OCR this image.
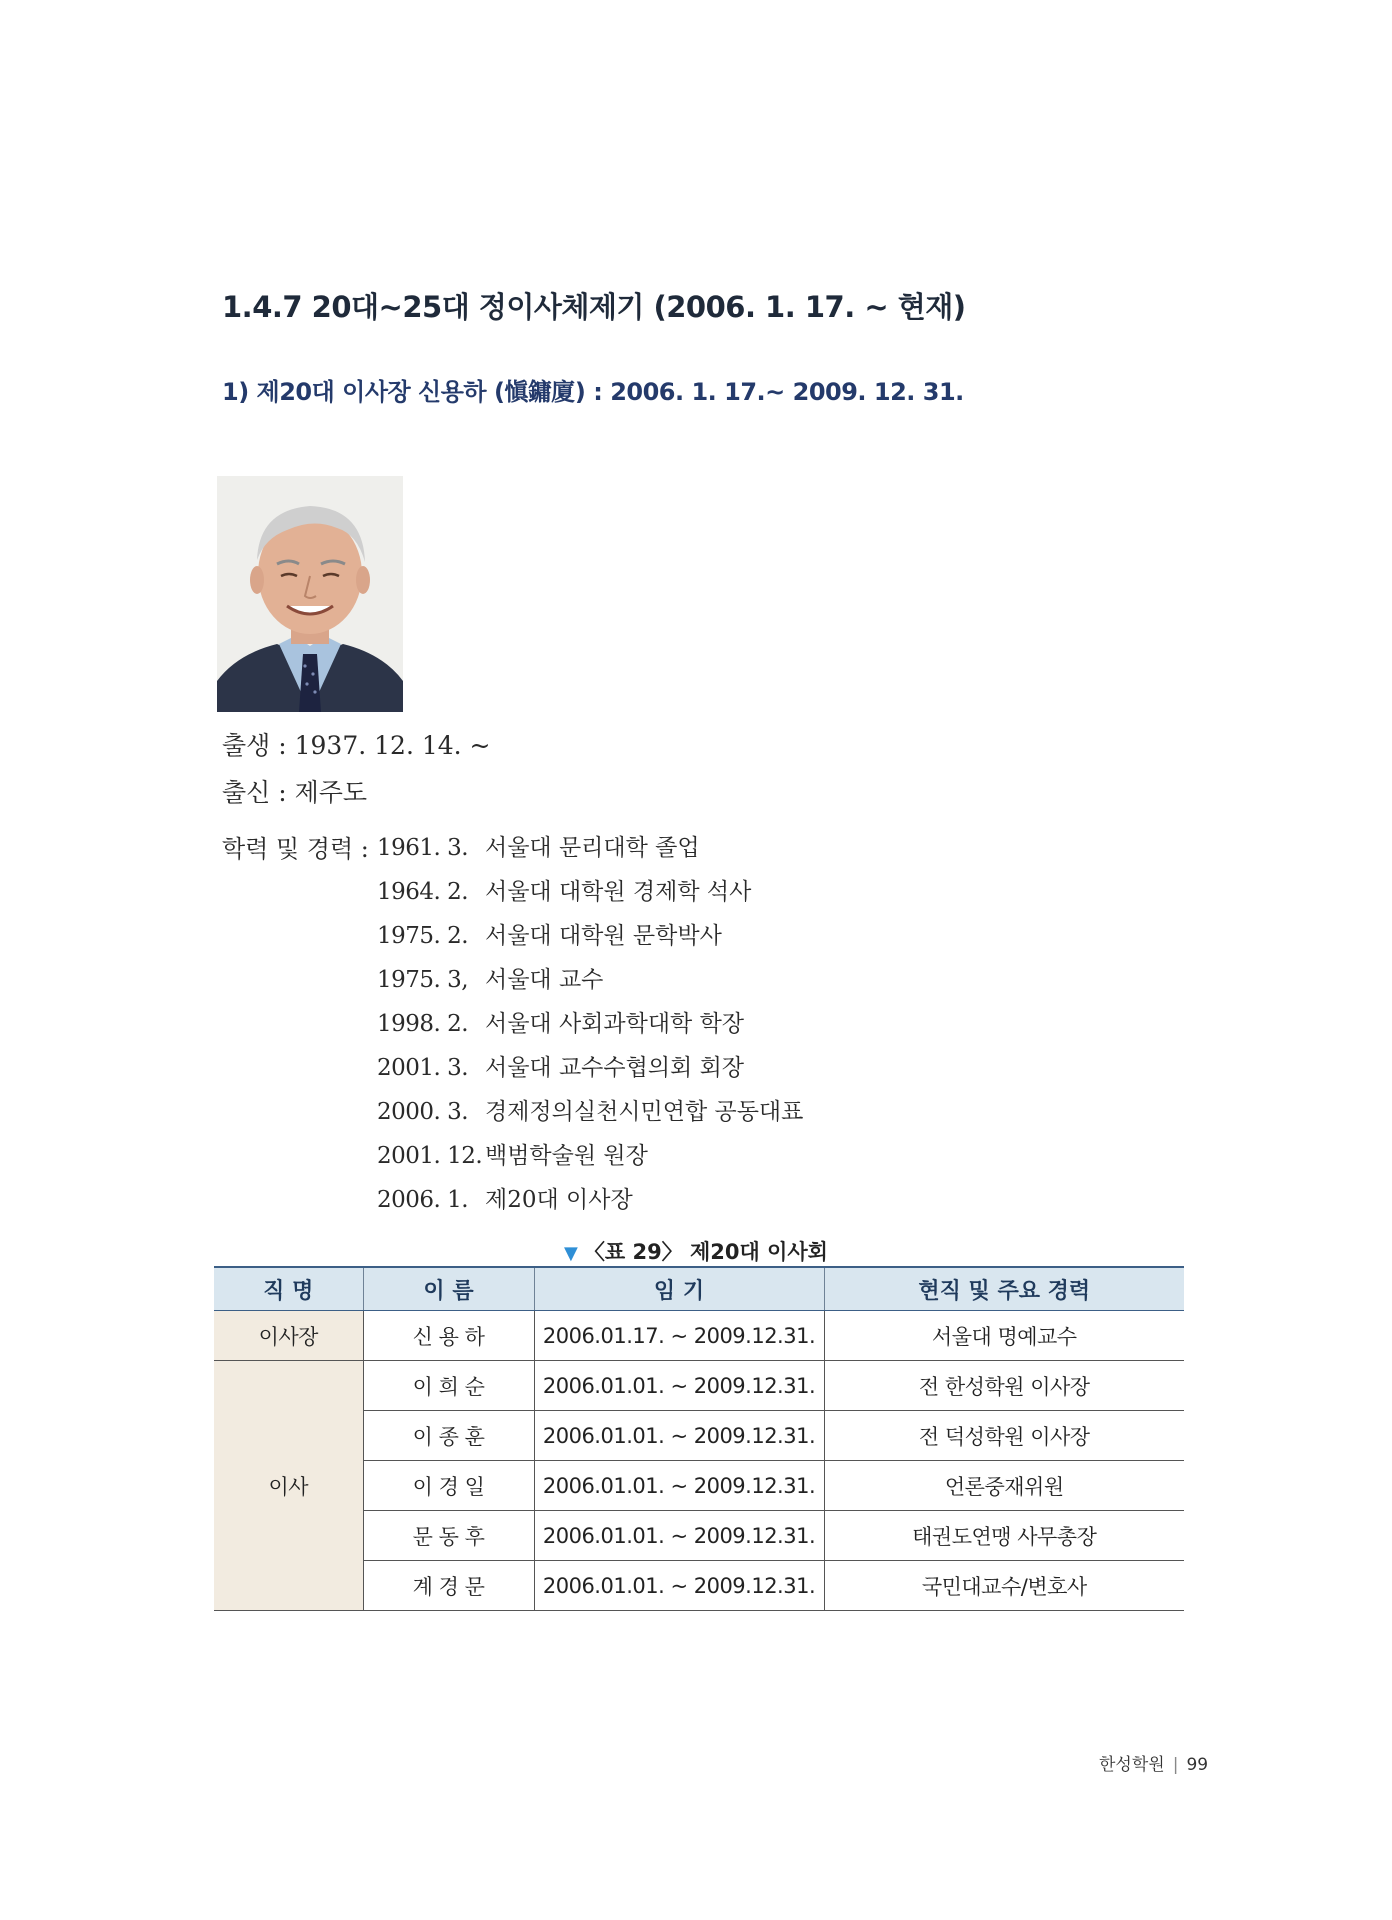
1.4.7 20대~25대 정이사체제기 (2006. 1. 17. ~ 현재)
1) 제20대 이사장 신용하 (愼鏞廈) : 2006. 1. 17.~ 2009. 12. 31.
출생 : 1937. 12. 14. ~
출신 : 제주도
학력 및 경력 : 1961. 3. 서울대 문리대학 졸업
1964. 2. 서울대 대학원 경제학 석사
1975. 2. 서울대 대학원 문학박사
1975. 3, 서울대 교수
1998. 2. 서울대 사회과학대학 학장
2001. 3. 서울대 교수수협의회 회장
2000. 3. 경제정의실천시민연합 공동대표
2001. 12. 백범학술원 원장
2006. 1. 제20대 이사장
▼ 〈표 29〉 제20대 이사회
직 명	이 름	임 기	현직 및 주요 경력
이사장	신 용 하	2006.01.17. ~ 2009.12.31.	서울대 명예교수
이사	이 희 순	2006.01.01. ~ 2009.12.31.	전 한성학원 이사장
	이 종 훈	2006.01.01. ~ 2009.12.31.	전 덕성학원 이사장
	이 경 일	2006.01.01. ~ 2009.12.31.	언론중재위원
	문 동 후	2006.01.01. ~ 2009.12.31.	태권도연맹 사무총장
	계 경 문	2006.01.01. ~ 2009.12.31.	국민대교수/변호사
한성학원 | 99
